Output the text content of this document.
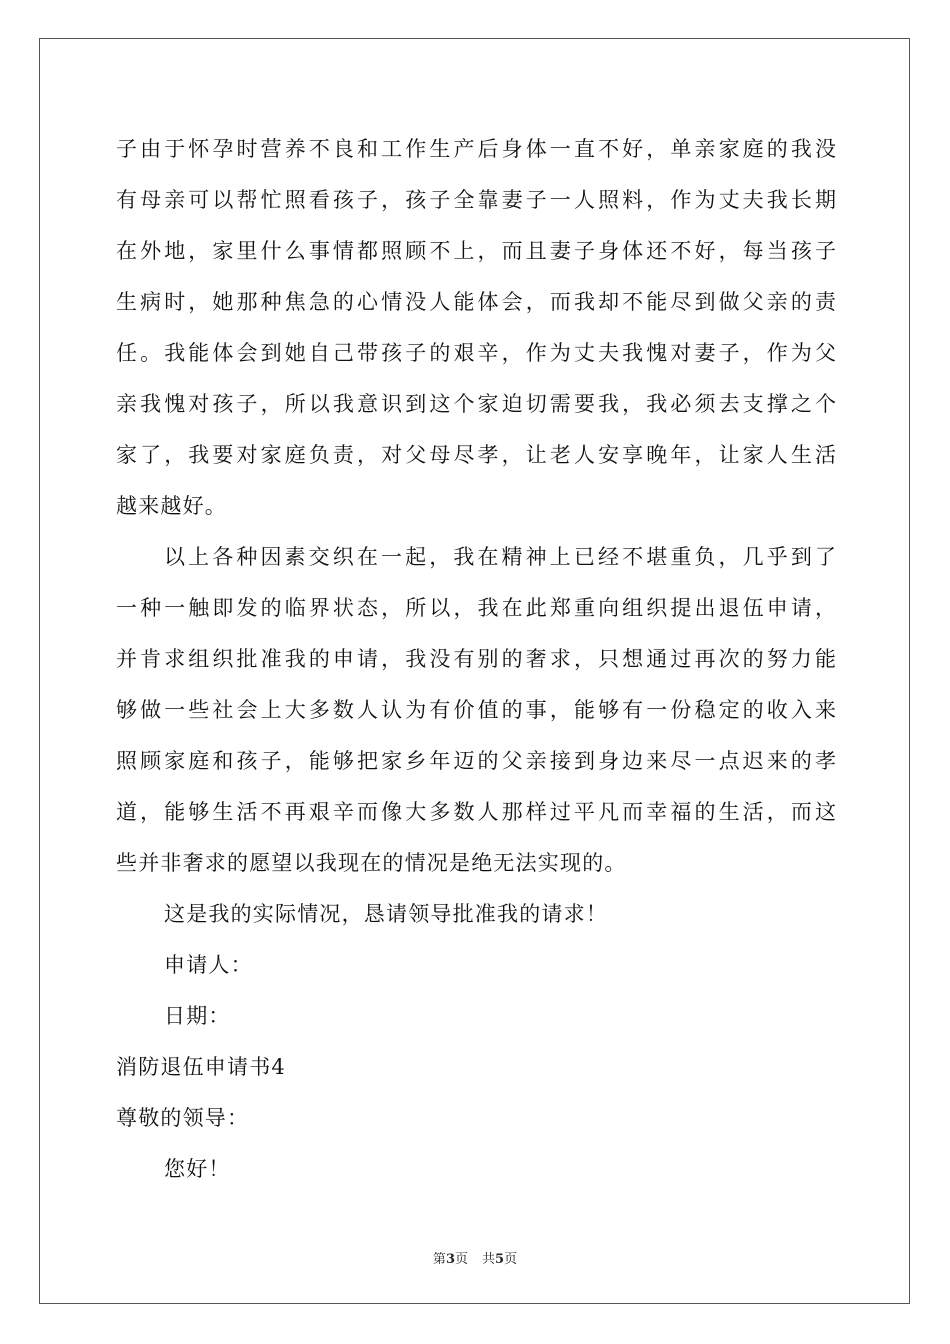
子由于怀孕时营养不良和工作生产后身体一直不好，单亲家庭的我没
有母亲可以帮忙照看孩子，孩子全靠妻子一人照料，作为丈夫我长期
在外地，家里什么事情都照顾不上，而且妻子身体还不好，每当孩子
生病时，她那种焦急的心情没人能体会，而我却不能尽到做父亲的责
任。我能体会到她自己带孩子的艰辛，作为丈夫我愧对妻子，作为父
亲我愧对孩子，所以我意识到这个家迫切需要我，我必须去支撑之个
家了，我要对家庭负责，对父母尽孝，让老人安享晚年，让家人生活
越来越好。
以上各种因素交织在一起，我在精神上已经不堪重负，几乎到了
一种一触即发的临界状态，所以，我在此郑重向组织提出退伍申请，
并肯求组织批准我的申请，我没有别的奢求，只想通过再次的努力能
够做一些社会上大多数人认为有价值的事，能够有一份稳定的收入来
照顾家庭和孩子，能够把家乡年迈的父亲接到身边来尽一点迟来的孝
道，能够生活不再艰辛而像大多数人那样过平凡而幸福的生活，而这
些并非奢求的愿望以我现在的情况是绝无法实现的。
这是我的实际情况，恳请领导批准我的请求！
申请人：
日期：
消防退伍申请书4
尊敬的领导：
您好！
第3页 共5页
